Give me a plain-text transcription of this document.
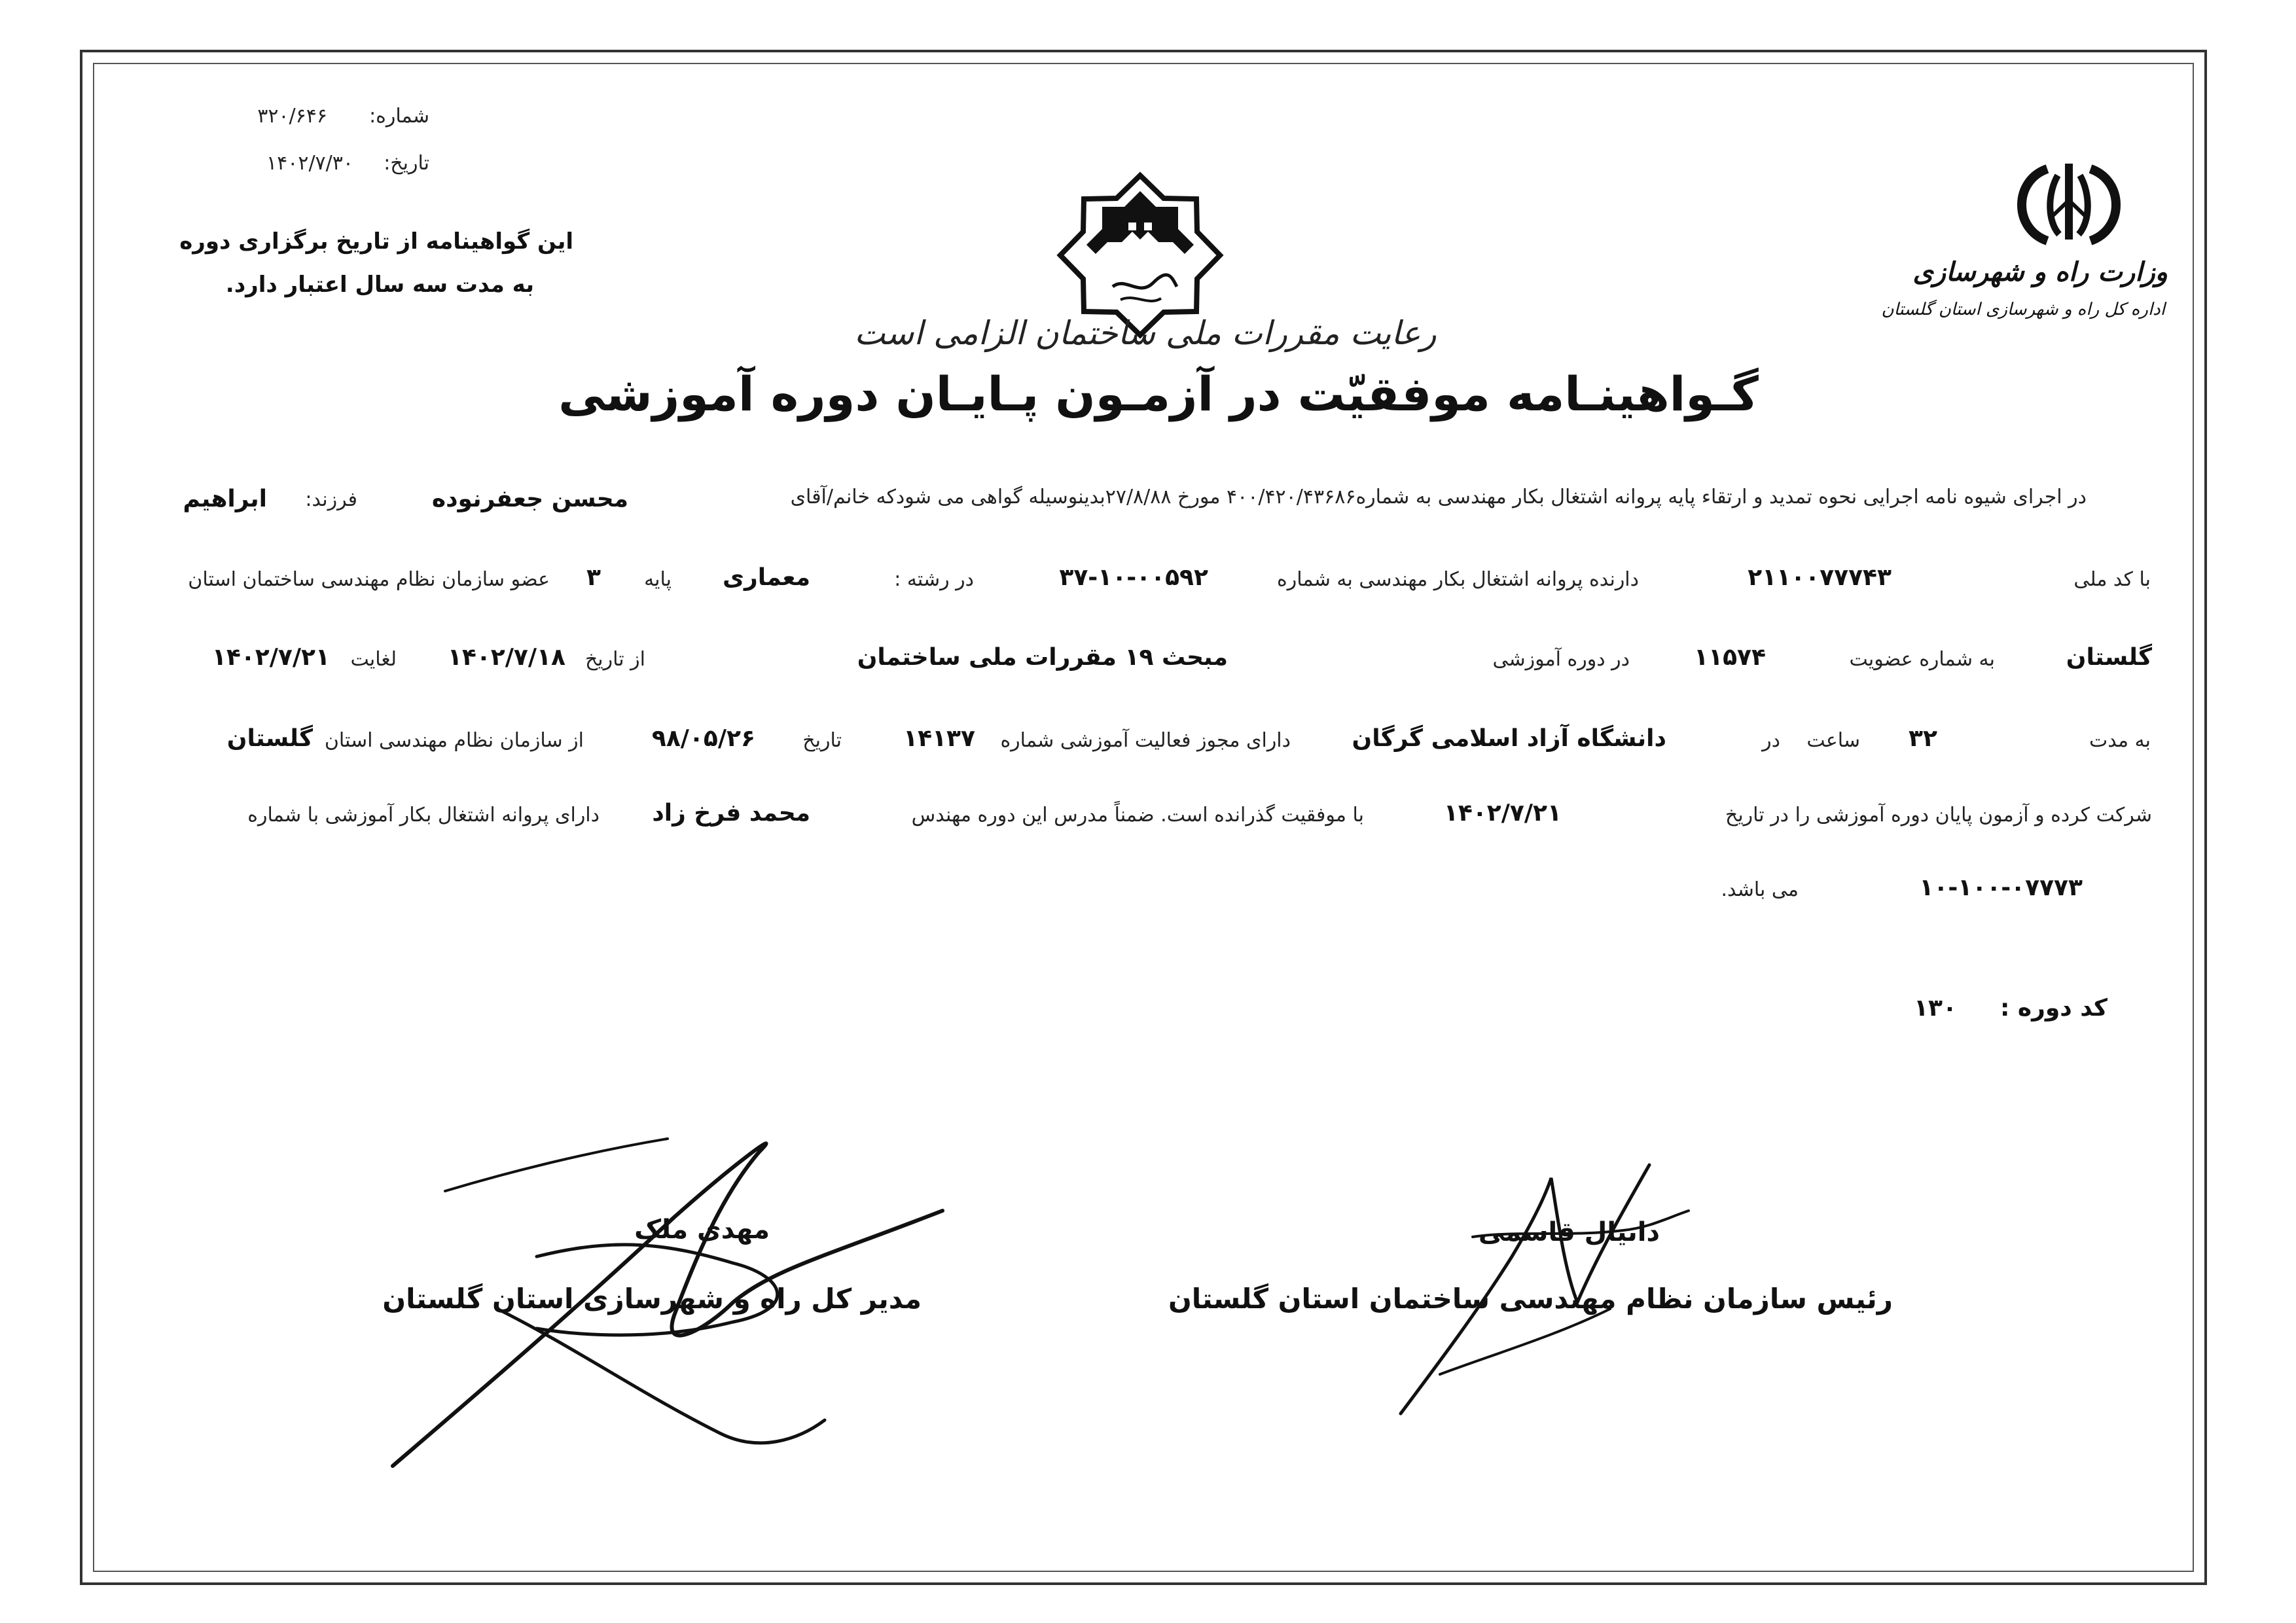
شماره:
۳۲۰/۶۴۶
تاریخ:
۱۴۰۲/۷/۳۰
این گواهینامه از تاریخ برگزاری دوره
به مدت سه سال اعتبار دارد.	وزارت راه و شهرسازی
اداره کل راه و شهرسازی استان گلستان
رعایت مقررات ملی ساختمان الزامی است
گـواهینـامه موفقیّت در آزمـون پـایـان دوره آموزشی
در اجرای شیوه نامه اجرایی نحوه تمدید و ارتقاء پایه پروانه اشتغال بکار مهندسی به شماره۴۰۰/۴۲۰/۴۳۶۸۶ مورخ ۲۷/۸/۸۸بدینوسیله گواهی می شودکه خانم/آقای
محسن جعفرنوده
فرزند:
ابراهیم
با کد ملی
۲۱۱۰۰۷۷۷۴۳
دارنده پروانه اشتغال بکار مهندسی به شماره
۳۷-۱۰-۰۰۵۹۲
در رشته :
معماری
پایه
۳
عضو سازمان نظام مهندسی ساختمان استان
گلستان
به شماره عضویت
۱۱۵۷۴
در دوره آموزشی
مبحث ۱۹ مقررات ملی ساختمان
از تاریخ
۱۴۰۲/۷/۱۸
لغایت
۱۴۰۲/۷/۲۱
به مدت
۳۲
ساعت
در
دانشگاه آزاد اسلامی گرگان
دارای مجوز فعالیت آموزشی شماره
۱۴۱۳۷
تاریخ
۹۸/۰۵/۲۶
از سازمان نظام مهندسی استان
گلستان
شرکت کرده و آزمون پایان دوره آموزشی را در تاریخ
۱۴۰۲/۷/۲۱
با موفقیت گذرانده است. ضمناً مدرس این دوره مهندس
محمد فرخ زاد
دارای پروانه اشتغال بکار آموزشی با شماره
۱۰-۱۰۰-۰۷۷۷۳
می باشد.
کد دوره :
۱۳۰
مهدی ملک
مدیر کل راه و شهرسازی استان گلستان
دانیال قاسمی
رئیس سازمان نظام مهندسی ساختمان استان گلستان
